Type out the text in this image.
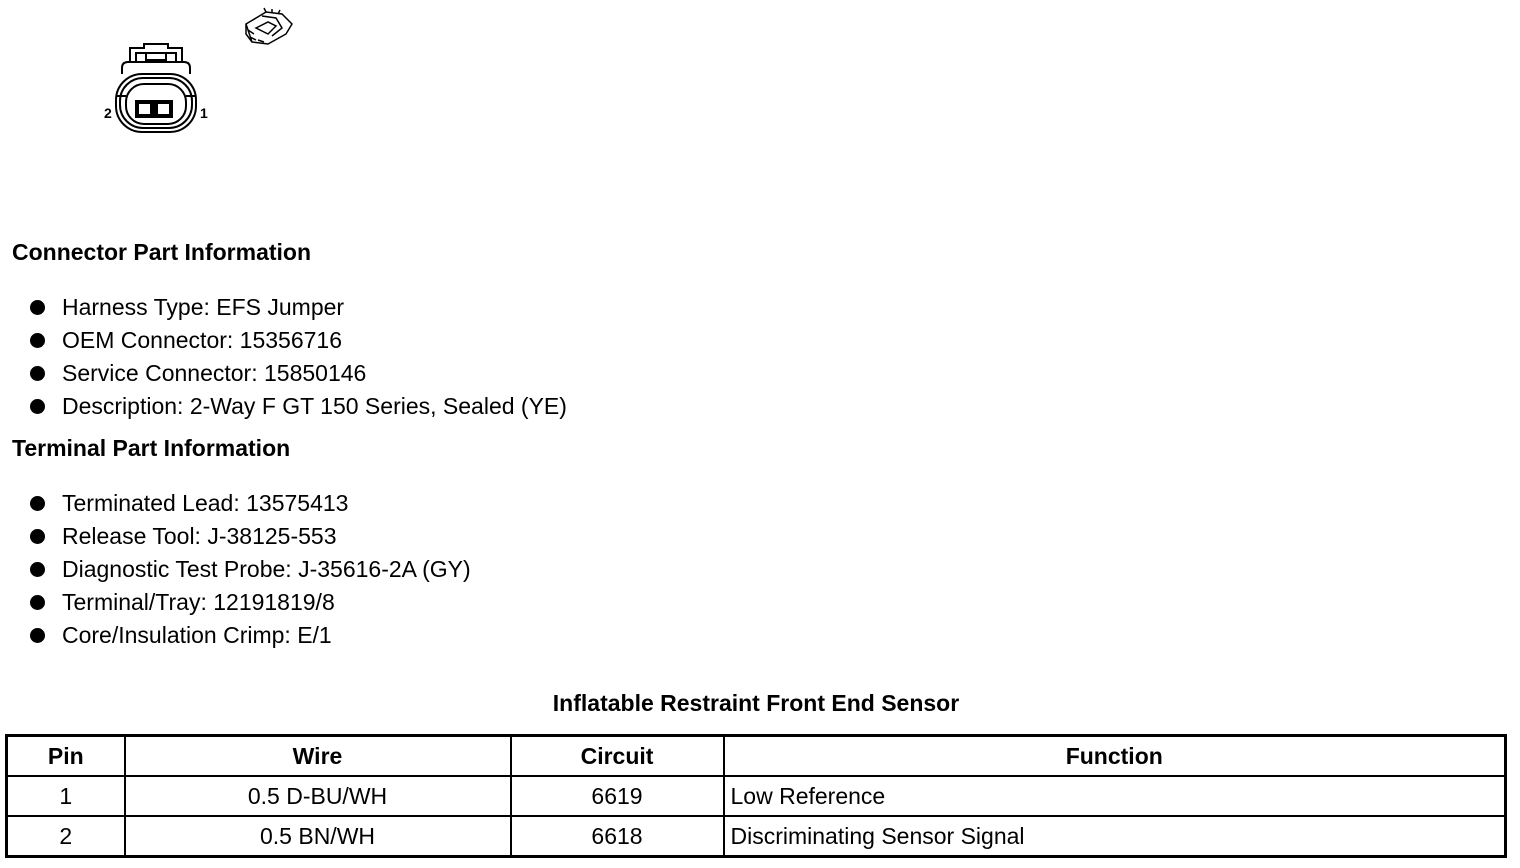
2	1
Connector Part Information
Harness Type: EFS Jumper
OEM Connector: 15356716
Service Connector: 15850146
Description: 2-Way F GT 150 Series, Sealed (YE)
Terminal Part Information
Terminated Lead: 13575413
Release Tool: J-38125-553
Diagnostic Test Probe: J-35616-2A (GY)
Terminal/Tray: 12191819/8
Core/Insulation Crimp: E/1
Inflatable Restraint Front End Sensor
Pin	Wire	Circuit	Function
1	0.5 D-BU/WH	6619	Low Reference
2	0.5 BN/WH	6618	Discriminating Sensor Signal
